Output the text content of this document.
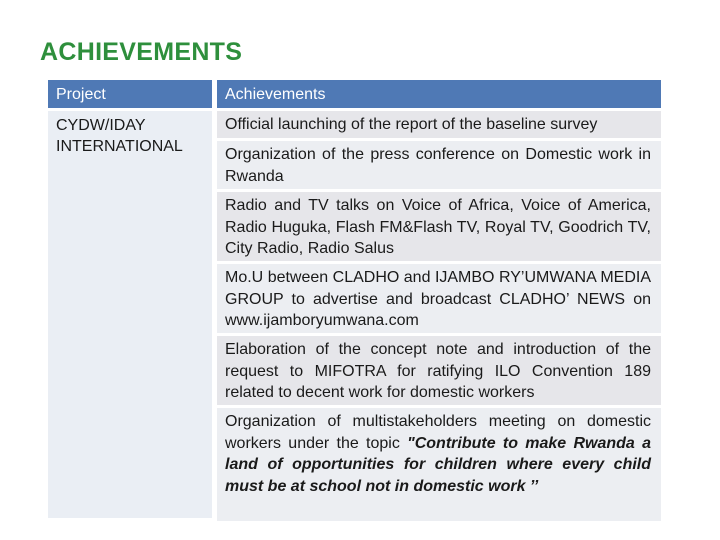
ACHIEVEMENTS
Project	Achievements
CYDW/IDAY INTERNATIONAL
Official launching of the report of the baseline survey
Organization of the press conference on Domestic work in Rwanda
Radio and TV talks on Voice of Africa, Voice of America, Radio Huguka, Flash FM&Flash TV, Royal TV, Goodrich TV, City Radio, Radio Salus
Mo.U between CLADHO and IJAMBO RY’UMWANA MEDIA GROUP to advertise and broadcast CLADHO’ NEWS on www.ijamboryumwana.com
Elaboration of the concept note and introduction of the request to MIFOTRA for ratifying ILO Convention 189 related to decent work for domestic workers
Organization of multistakeholders meeting on domestic workers under the topic "Contribute to make Rwanda a land of opportunities for children where every child must be at school not in domestic work ’’
